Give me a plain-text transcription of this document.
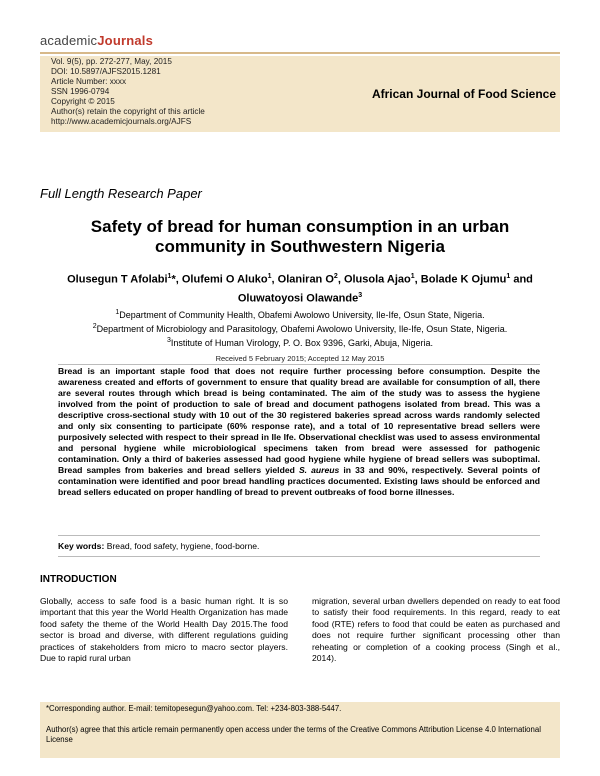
academicJournals
Vol. 9(5), pp. 272-277, May, 2015
DOI: 10.5897/AJFS2015.1281
Article Number: xxxx
SSN 1996-0794
Copyright © 2015
Author(s) retain the copyright of this article
http://www.academicjournals.org/AJFS
African Journal of Food Science
Full Length Research Paper
Safety of bread for human consumption in an urban
community in Southwestern Nigeria
Olusegun T Afolabi$^1$*, Olufemi O Aluko$^1$, Olaniran $O^2$, Olusola Ajao$^1$, Bolade K Ojumu$^1$ and Oluwatoyosi Olawande$^3$
$^1$Department of Community Health, Obafemi Awolowo University, Ile-Ife, Osun State, Nigeria.
$^2$Department of Microbiology and Parasitology, Obafemi Awolowo University, Ile-Ife, Osun State, Nigeria.
$^3$Institute of Human Virology, P. O. Box 9396, Garki, Abuja, Nigeria.
Received 5 February 2015; Accepted 12 May 2015
Bread is an important staple food that does not require further processing before consumption. Despite the awareness created and efforts of government to ensure that quality bread are available for consumption of all, there are several routes through which bread is being contaminated. The aim of the study was to assess the hygiene involved from the point of production to sale of bread and document pathogens isolated from bread. This was a descriptive cross-sectional study with 10 out of the 30 registered bakeries spread across wards randomly selected and only six consenting to participate (60% response rate), and a total of 10 representative bread sellers were purposively selected with respect to their spread in Ile Ife. Observational checklist was used to assess environmental and personal hygiene while microbiological specimens taken from bread were assessed for pathogenic contamination. Only a third of bakeries assessed had good hygiene while hygiene of bread sellers was suboptimal. Bread samples from bakeries and bread sellers yielded S. aureus in 33 and 90%, respectively. Several points of contamination were identified and poor bread handling practices documented. Existing laws should be enforced and bread sellers educated on proper handling of bread to prevent outbreaks of food borne illnesses.
Key words: Bread, food safety, hygiene, food-borne.
INTRODUCTION
Globally, access to safe food is a basic human right. It is so important that this year the World Health Organization has made food safety the theme of the World Health Day 2015.The food sector is broad and diverse, with different regulations guiding practices of stakeholders from micro to macro sector players. Due to rapid rural urban
migration, several urban dwellers depended on ready to eat food to satisfy their food requirements. In this regard, ready to eat food (RTE) refers to food that could be eaten as purchased and does not require further significant processing other than reheating or completion of a cooking process (Singh et al., 2014).
*Corresponding author. E-mail: temitopesegun@yahoo.com. Tel: +234-803-388-5447.
Author(s) agree that this article remain permanently open access under the terms of the Creative Commons Attribution License 4.0 International License
